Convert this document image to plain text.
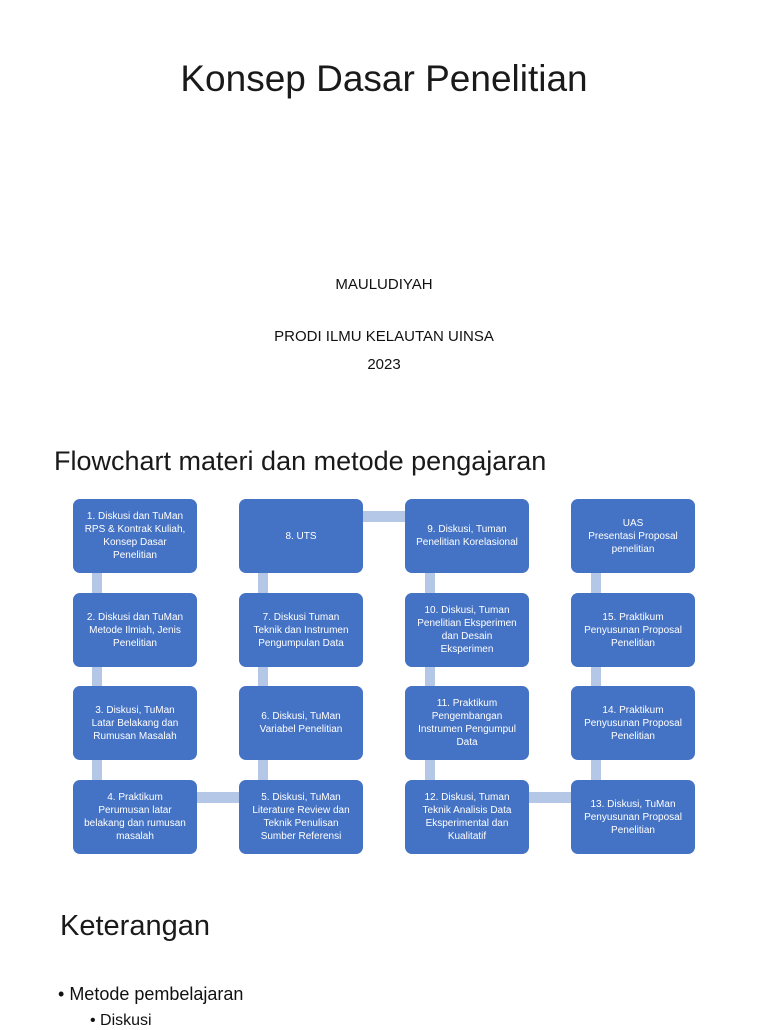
Konsep Dasar Penelitian
MAULUDIYAH
PRODI ILMU KELAUTAN UINSA
2023
Flowchart materi dan metode pengajaran
1. Diskusi dan TuMan
RPS & Kontrak Kuliah,
Konsep Dasar
Penelitian
2. Diskusi dan TuMan
Metode Ilmiah, Jenis
Penelitian
3. Diskusi, TuMan
Latar Belakang dan
Rumusan Masalah
4. Praktikum
Perumusan latar
belakang dan rumusan
masalah
8. UTS
7. Diskusi Tuman
Teknik dan Instrumen
Pengumpulan Data
6. Diskusi, TuMan
Variabel Penelitian
5. Diskusi, TuMan
Literature Review dan
Teknik Penulisan
Sumber Referensi
9. Diskusi, Tuman
Penelitian Korelasional
10. Diskusi, Tuman
Penelitian Eksperimen
dan Desain
Eksperimen
11. Praktikum
Pengembangan
Instrumen Pengumpul
Data
12. Diskusi, Tuman
Teknik Analisis Data
Eksperimental dan
Kualitatif
UAS
Presentasi Proposal
penelitian
15. Praktikum
Penyusunan Proposal
Penelitian
14. Praktikum
Penyusunan Proposal
Penelitian
13. Diskusi, TuMan
Penyusunan Proposal
Penelitian
Keterangan
• Metode pembelajaran
• Diskusi
